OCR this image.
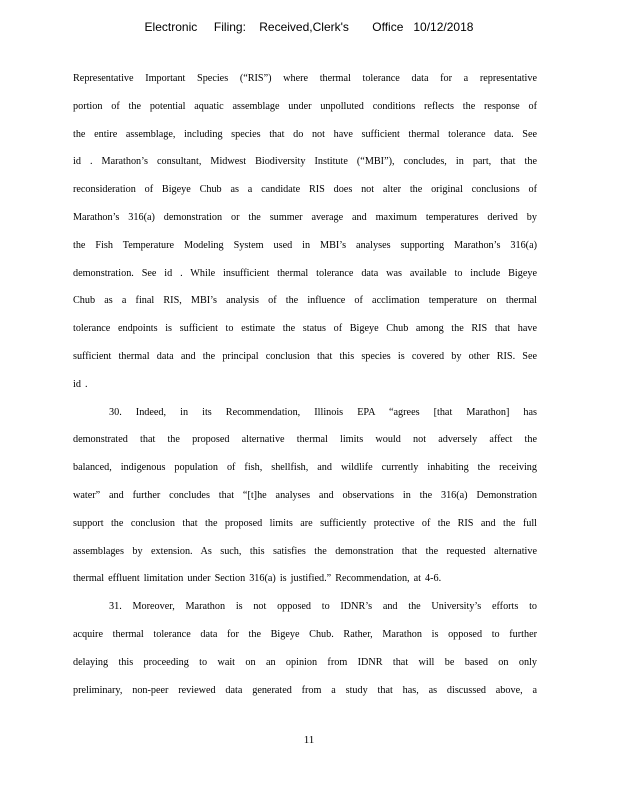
Electronic     Filing:    Received,Clerk's       Office   10/12/2018
Representative Important Species (“RIS”) where thermal tolerance data for a representative
portion of the potential aquatic assemblage under unpolluted conditions reflects the response of
the entire assemblage, including species that do not have sufficient thermal tolerance data. See
id . Marathon’s consultant, Midwest Biodiversity Institute (“MBI”), concludes, in part, that the
reconsideration of Bigeye Chub as a candidate RIS does not alter the original conclusions of
Marathon’s 316(a) demonstration or the summer average and maximum temperatures derived by
the Fish Temperature Modeling System used in MBI’s analyses supporting Marathon’s 316(a)
demonstration. See id . While insufficient thermal tolerance data was available to include Bigeye
Chub as a final RIS, MBI’s analysis of the influence of acclimation temperature on thermal
tolerance endpoints is sufficient to estimate the status of Bigeye Chub among the RIS that have
sufficient thermal data and the principal conclusion that this species is covered by other RIS. See
id .
30. Indeed, in its Recommendation, Illinois EPA “agrees [that Marathon] has
demonstrated that the proposed alternative thermal limits would not adversely affect the
balanced, indigenous population of fish, shellfish, and wildlife currently inhabiting the receiving
water” and further concludes that “[t]he analyses and observations in the 316(a) Demonstration
support the conclusion that the proposed limits are sufficiently protective of the RIS and the full
assemblages by extension. As such, this satisfies the demonstration that the requested alternative
thermal effluent limitation under Section 316(a) is justified.” Recommendation, at 4-6.
31. Moreover, Marathon is not opposed to IDNR’s and the University’s efforts to
acquire thermal tolerance data for the Bigeye Chub. Rather, Marathon is opposed to further
delaying this proceeding to wait on an opinion from IDNR that will be based on only
preliminary, non-peer reviewed data generated from a study that has, as discussed above, a
11
